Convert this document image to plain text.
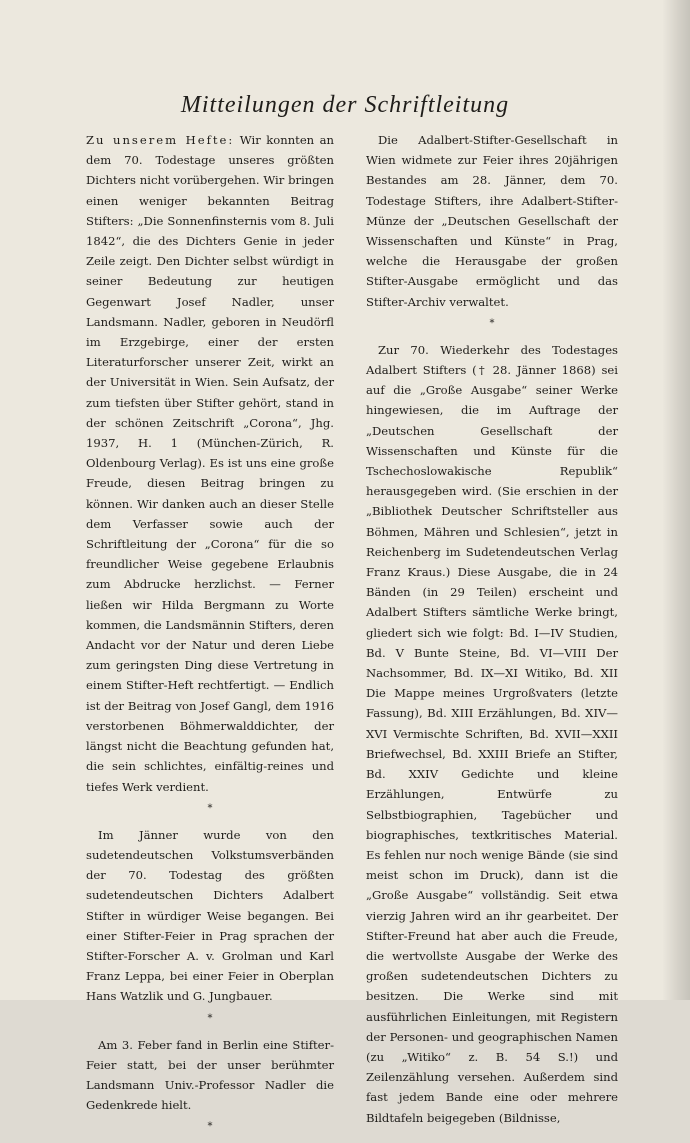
Mitteilungen der Schriftleitung

Zu unserem Hefte: Wir konnten an dem 70. Todestage unseres größten Dichters nicht vorübergehen. Wir bringen einen weniger bekannten Beitrag Stifters: „Die Sonnenfinsternis vom 8. Juli 1842“, die des Dichters Genie in jeder Zeile zeigt. Den Dichter selbst würdigt in seiner Bedeutung zur heutigen Gegenwart Josef Nadler, unser Landsmann. Nadler, geboren in Neudörfl im Erzgebirge, einer der ersten Literaturforscher unserer Zeit, wirkt an der Universität in Wien. Sein Aufsatz, der zum tiefsten über Stifter gehört, stand in der schönen Zeitschrift „Corona“, Jhg. 1937, H. 1 (München-Zürich, R. Oldenbourg Verlag). Es ist uns eine große Freude, diesen Beitrag bringen zu können. Wir danken auch an dieser Stelle dem Verfasser sowie auch der Schriftleitung der „Corona“ für die so freundlicher Weise gegebene Erlaubnis zum Abdrucke herzlichst. — Ferner ließen wir Hilda Bergmann zu Worte kommen, die Landsmännin Stifters, deren Andacht vor der Natur und deren Liebe zum geringsten Ding diese Vertretung in einem Stifter-Heft rechtfertigt. — Endlich ist der Beitrag von Josef Gangl, dem 1916 verstorbenen Böhmerwalddichter, der längst nicht die Beachtung gefunden hat, die sein schlichtes, einfältig-reines und tiefes Werk verdient.

*

Im Jänner wurde von den sudetendeutschen Volkstumsverbänden der 70. Todestag des größten sudetendeutschen Dichters Adalbert Stifter in würdiger Weise begangen. Bei einer Stifter-Feier in Prag sprachen der Stifter-Forscher A. v. Grolman und Karl Franz Leppa, bei einer Feier in Oberplan Hans Watzlik und G. Jungbauer.

*

Am 3. Feber fand in Berlin eine Stifter-Feier statt, bei der unser berühmter Landsmann Univ.-Professor Nadler die Gedenkrede hielt.

*

Die Adalbert-Stifter-Gesellschaft in Wien widmete zur Feier ihres 20jährigen Bestandes am 28. Jänner, dem 70. Todestage Stifters, ihre Adalbert-Stifter-Münze der „Deutschen Gesellschaft der Wissenschaften und Künste“ in Prag, welche die Herausgabe der großen Stifter-Ausgabe ermöglicht und das Stifter-Archiv verwaltet.

*

Zur 70. Wiederkehr des Todestages Adalbert Stifters († 28. Jänner 1868) sei auf die „Große Ausgabe“ seiner Werke hingewiesen, die im Auftrage der „Deutschen Gesellschaft der Wissenschaften und Künste für die Tschechoslowakische Republik“ herausgegeben wird. (Sie erschien in der „Bibliothek Deutscher Schriftsteller aus Böhmen, Mähren und Schlesien“, jetzt in Reichenberg im Sudetendeutschen Verlag Franz Kraus.) Diese Ausgabe, die in 24 Bänden (in 29 Teilen) erscheint und Adalbert Stifters sämtliche Werke bringt, gliedert sich wie folgt: Bd. I—IV Studien, Bd. V Bunte Steine, Bd. VI—VIII Der Nachsommer, Bd. IX—XI Witiko, Bd. XII Die Mappe meines Urgroßvaters (letzte Fassung), Bd. XIII Erzählungen, Bd. XIV—XVI Vermischte Schriften, Bd. XVII—XXII Briefwechsel, Bd. XXIII Briefe an Stifter, Bd. XXIV Gedichte und kleine Erzählungen, Entwürfe zu Selbstbiographien, Tagebücher und biographisches, textkritisches Material. Es fehlen nur noch wenige Bände (sie sind meist schon im Druck), dann ist die „Große Ausgabe“ vollständig. Seit etwa vierzig Jahren wird an ihr gearbeitet. Der Stifter-Freund hat aber auch die Freude, die wertvollste Ausgabe der Werke des großen sudetendeutschen Dichters zu besitzen. Die Werke sind mit ausführlichen Einleitungen, mit Registern der Personen- und geographischen Namen (zu „Witiko“ z. B. 54 S.!) und Zeilenzählung versehen. Außerdem sind fast jedem Bande eine oder mehrere Bildtafeln beigegeben (Bildnisse,
